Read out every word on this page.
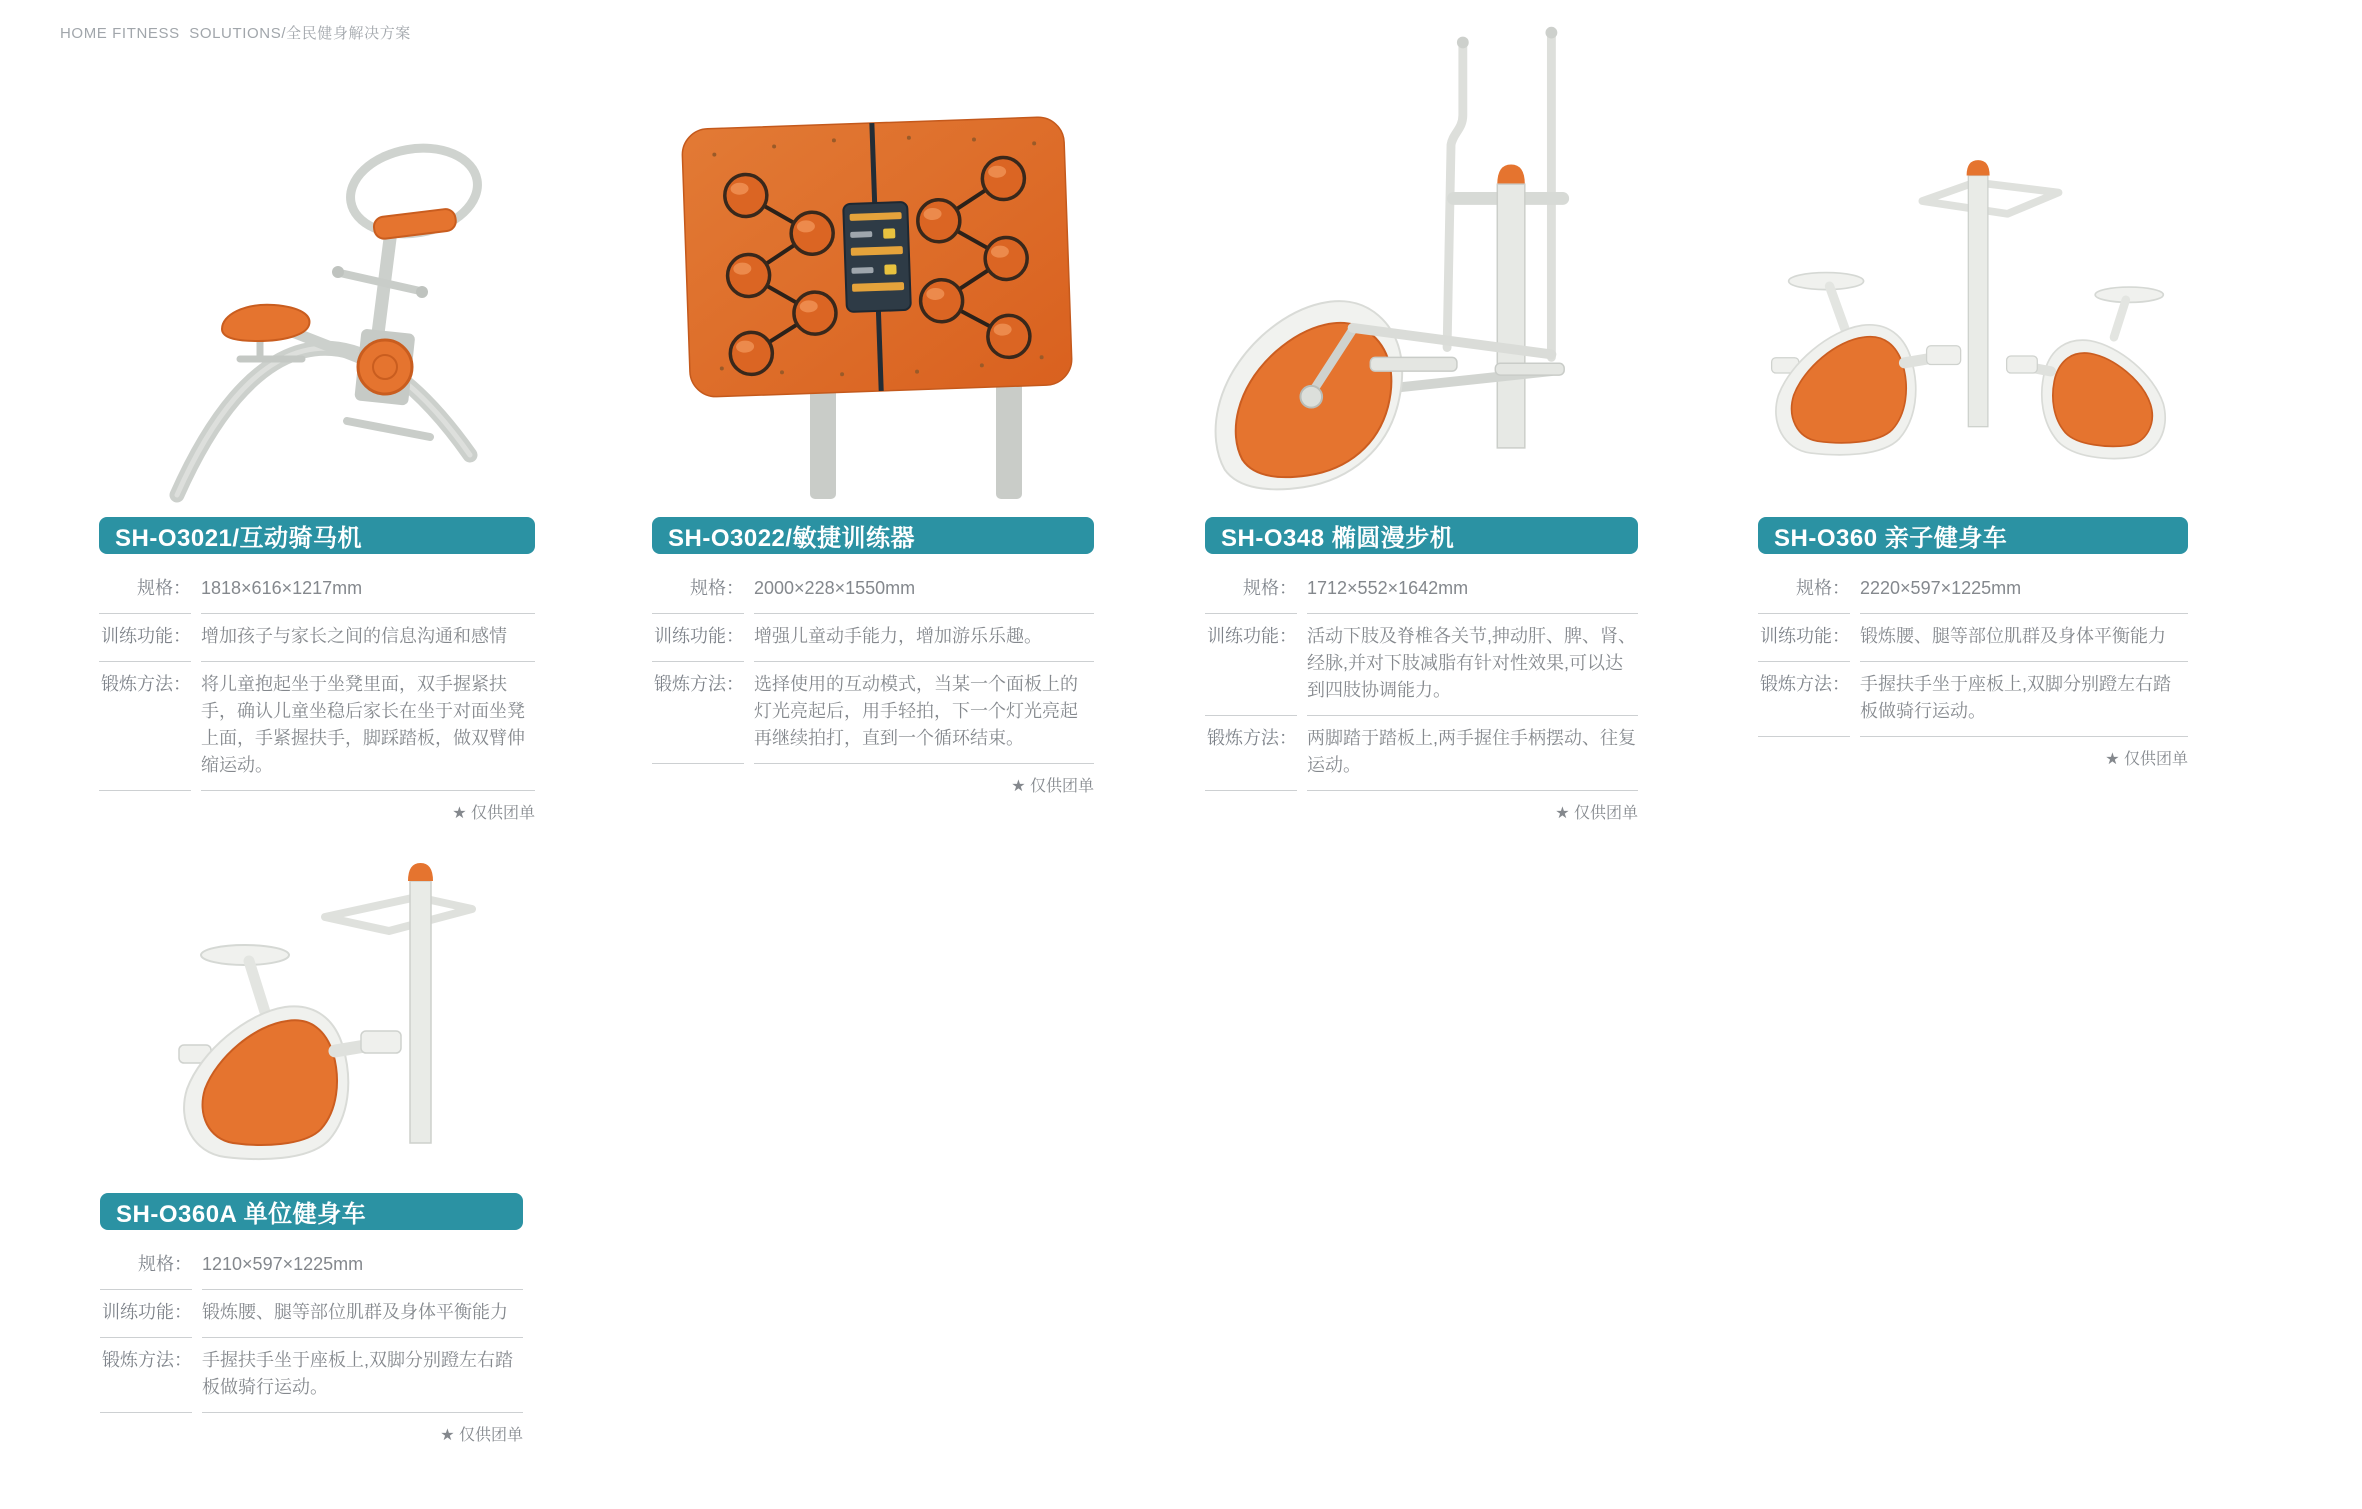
HOME FITNESS  SOLUTIONS/全民健身解决方案
SH-O3021/互动骑马机
规格： 1818×616×1217mm
训练功能： 增加孩子与家长之间的信息沟通和感情
锻炼方法： 将儿童抱起坐于坐凳里面，双手握紧扶手，确认儿童坐稳后家长在坐于对面坐凳上面，手紧握扶手，脚踩踏板，做双臂伸缩运动。
★ 仅供团单
SH-O3022/敏捷训练器
规格： 2000×228×1550mm
训练功能： 增强儿童动手能力，增加游乐乐趣。
锻炼方法： 选择使用的互动模式，当某一个面板上的灯光亮起后，用手轻拍，下一个灯光亮起再继续拍打，直到一个循环结束。
★ 仅供团单
SH-O348 椭圆漫步机
规格： 1712×552×1642mm
训练功能： 活动下肢及脊椎各关节,抻动肝、脾、肾、经脉,并对下肢减脂有针对性效果,可以达到四肢协调能力。
锻炼方法： 两脚踏于踏板上,两手握住手柄摆动、往复运动。
★ 仅供团单
SH-O360 亲子健身车
规格： 2220×597×1225mm
训练功能： 锻炼腰、腿等部位肌群及身体平衡能力
锻炼方法： 手握扶手坐于座板上,双脚分别蹬左右踏板做骑行运动。
★ 仅供团单
SH-O360A 单位健身车
规格： 1210×597×1225mm
训练功能： 锻炼腰、腿等部位肌群及身体平衡能力
锻炼方法： 手握扶手坐于座板上,双脚分别蹬左右踏板做骑行运动。
★ 仅供团单
